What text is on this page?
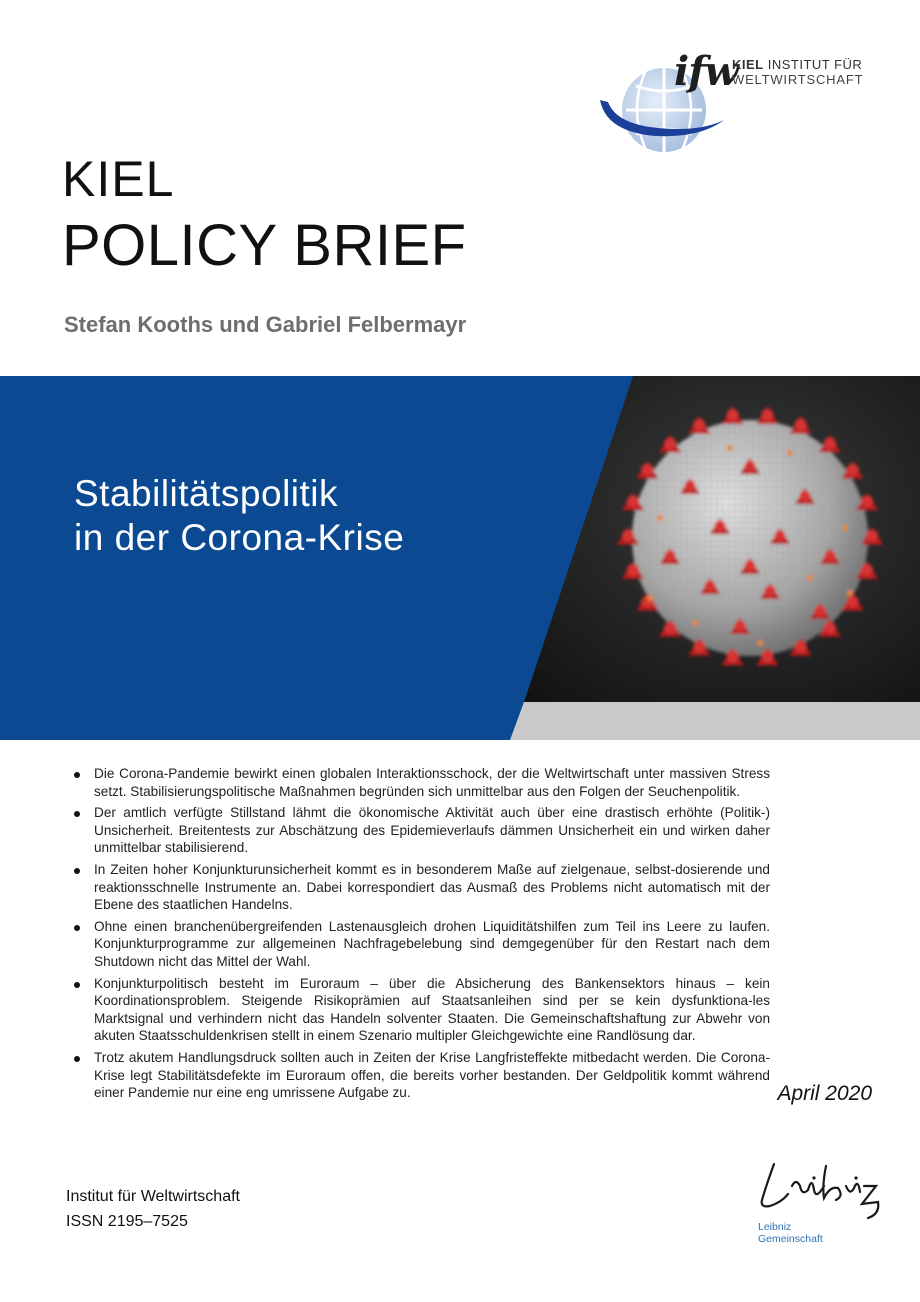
ifw
KIEL INSTITUT FÜR
WELTWIRTSCHAFT
KIEL
POLICY BRIEF
Stefan Kooths und Gabriel Felbermayr
Nr. 138 April 2020
Stabilitätspolitik
in der Corona-Krise
Die Corona-Pandemie bewirkt einen globalen Interaktionsschock, der die Weltwirtschaft unter massiven Stress setzt. Stabilisierungspolitische Maßnahmen begründen sich unmittelbar aus den Folgen der Seuchenpolitik.
Der amtlich verfügte Stillstand lähmt die ökonomische Aktivität auch über eine drastisch erhöhte (Politik-) Unsicherheit. Breitentests zur Abschätzung des Epidemieverlaufs dämmen Unsicherheit ein und wirken daher unmittelbar stabilisierend.
In Zeiten hoher Konjunkturunsicherheit kommt es in besonderem Maße auf zielgenaue, selbst-dosierende und reaktionsschnelle Instrumente an. Dabei korrespondiert das Ausmaß des Problems nicht automatisch mit der Ebene des staatlichen Handelns.
Ohne einen branchenübergreifenden Lastenausgleich drohen Liquiditätshilfen zum Teil ins Leere zu laufen. Konjunkturprogramme zur allgemeinen Nachfragebelebung sind demgegenüber für den Restart nach dem Shutdown nicht das Mittel der Wahl.
Konjunkturpolitisch besteht im Euroraum – über die Absicherung des Bankensektors hinaus – kein Koordinationsproblem. Steigende Risikoprämien auf Staatsanleihen sind per se kein dysfunktiona-les Marktsignal und verhindern nicht das Handeln solventer Staaten. Die Gemeinschaftshaftung zur Abwehr von akuten Staatsschuldenkrisen stellt in einem Szenario multipler Gleichgewichte eine Randlösung dar.
Trotz akutem Handlungsdruck sollten auch in Zeiten der Krise Langfristeffekte mitbedacht werden. Die Corona-Krise legt Stabilitätsdefekte im Euroraum offen, die bereits vorher bestanden. Der Geldpolitik kommt während einer Pandemie nur eine eng umrissene Aufgabe zu.
Institut für Weltwirtschaft
ISSN 2195–7525	Leibniz
Gemeinschaft
